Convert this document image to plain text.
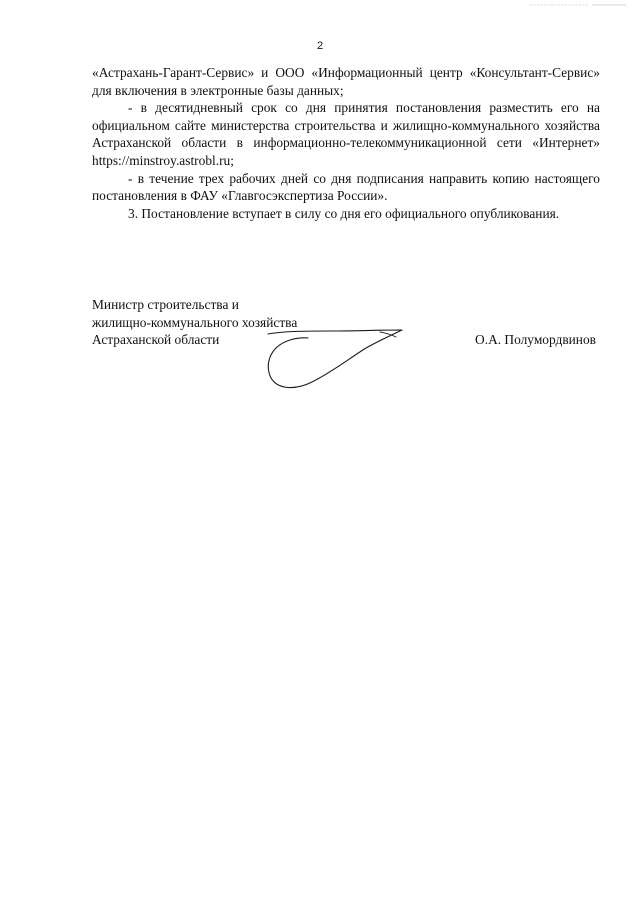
2

«Астрахань-Гарант-Сервис» и ООО «Информационный центр «Консультант-Сервис» для включения в электронные базы данных;

- в десятидневный срок со дня принятия постановления разместить его на официальном сайте министерства строительства и жилищно-коммунального хозяйства Астраханской области в информационно-телекоммуникационной сети «Интернет» https://minstroy.astrobl.ru;

- в течение трех рабочих дней со дня подписания направить копию настоящего постановления в ФАУ «Главгосэкспертиза России».

3. Постановление вступает в силу со дня его официального опубликования.

Министр строительства и
жилищно-коммунального хозяйства
Астраханской области	О.А. Полумордвинов
